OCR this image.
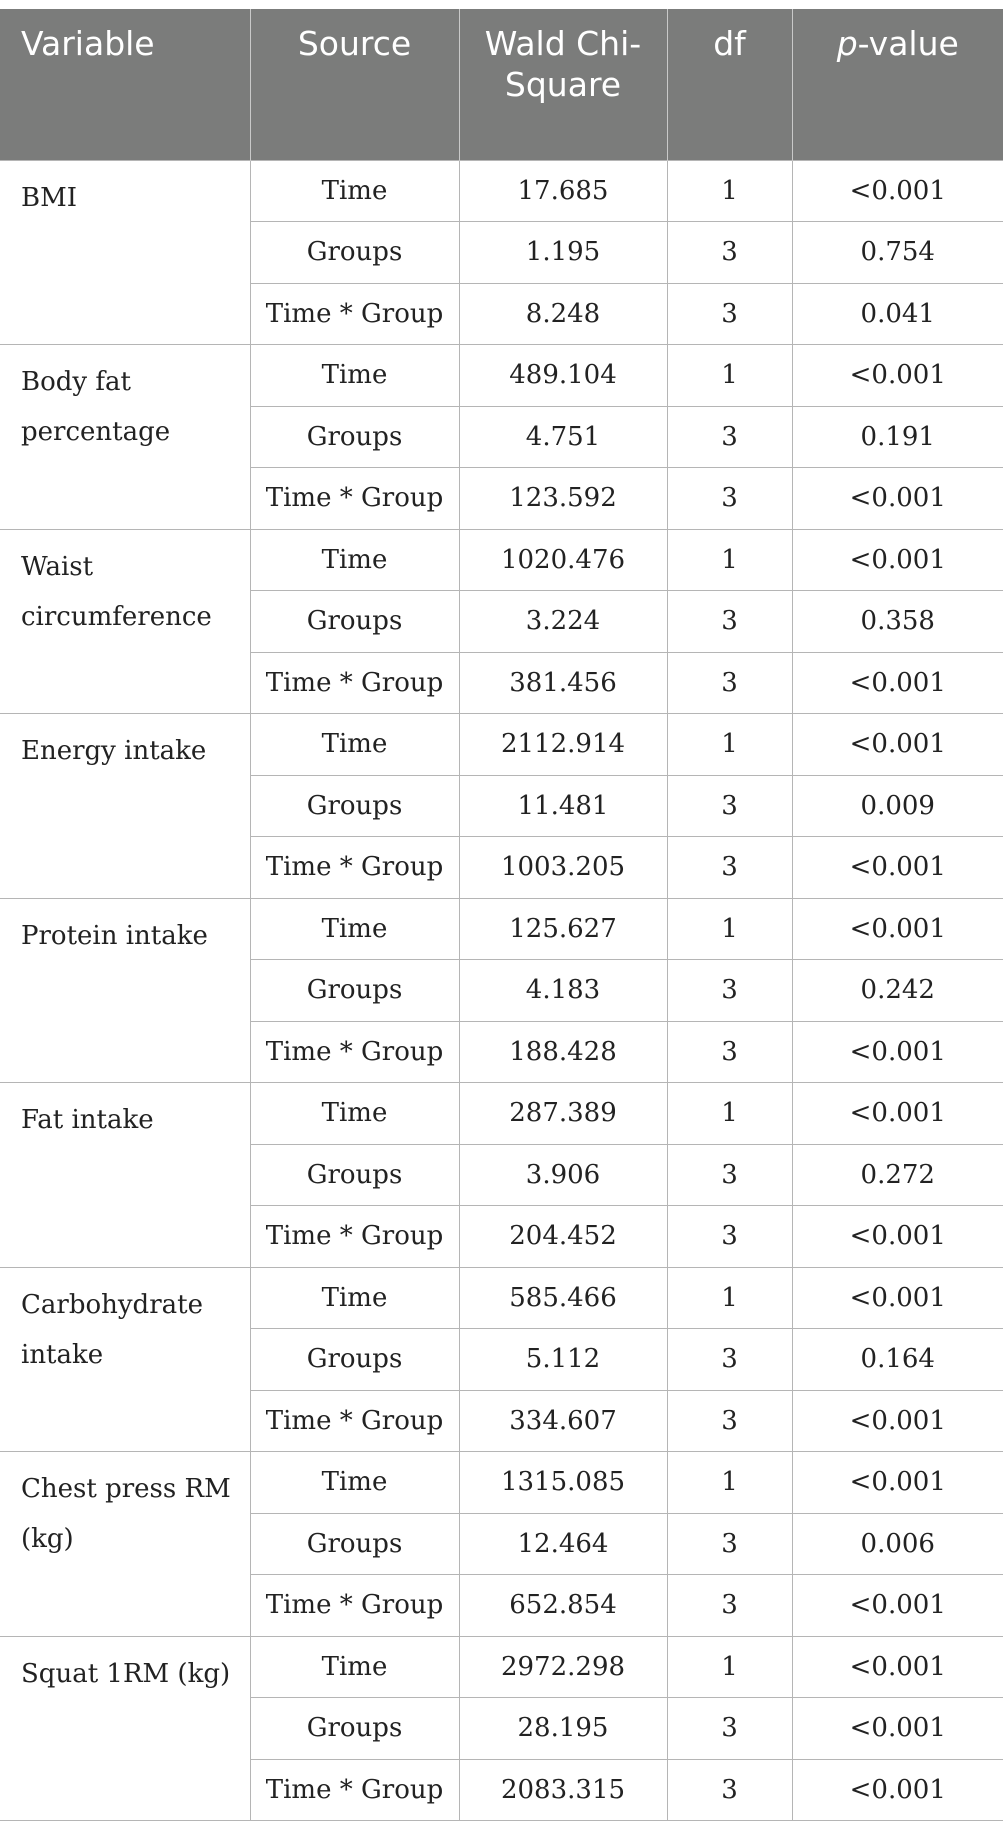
Variable	Source	Wald Chi-Square	df	p-value
BMI	Time	17.685	1	<0.001
	Groups	1.195	3	0.754
	Time * Group	8.248	3	0.041
Body fat percentage	Time	489.104	1	<0.001
	Groups	4.751	3	0.191
	Time * Group	123.592	3	<0.001
Waist circumference	Time	1020.476	1	<0.001
	Groups	3.224	3	0.358
	Time * Group	381.456	3	<0.001
Energy intake	Time	2112.914	1	<0.001
	Groups	11.481	3	0.009
	Time * Group	1003.205	3	<0.001
Protein intake	Time	125.627	1	<0.001
	Groups	4.183	3	0.242
	Time * Group	188.428	3	<0.001
Fat intake	Time	287.389	1	<0.001
	Groups	3.906	3	0.272
	Time * Group	204.452	3	<0.001
Carbohydrate intake	Time	585.466	1	<0.001
	Groups	5.112	3	0.164
	Time * Group	334.607	3	<0.001
Chest press RM (kg)	Time	1315.085	1	<0.001
	Groups	12.464	3	0.006
	Time * Group	652.854	3	<0.001
Squat 1RM (kg)	Time	2972.298	1	<0.001
	Groups	28.195	3	<0.001
	Time * Group	2083.315	3	<0.001
